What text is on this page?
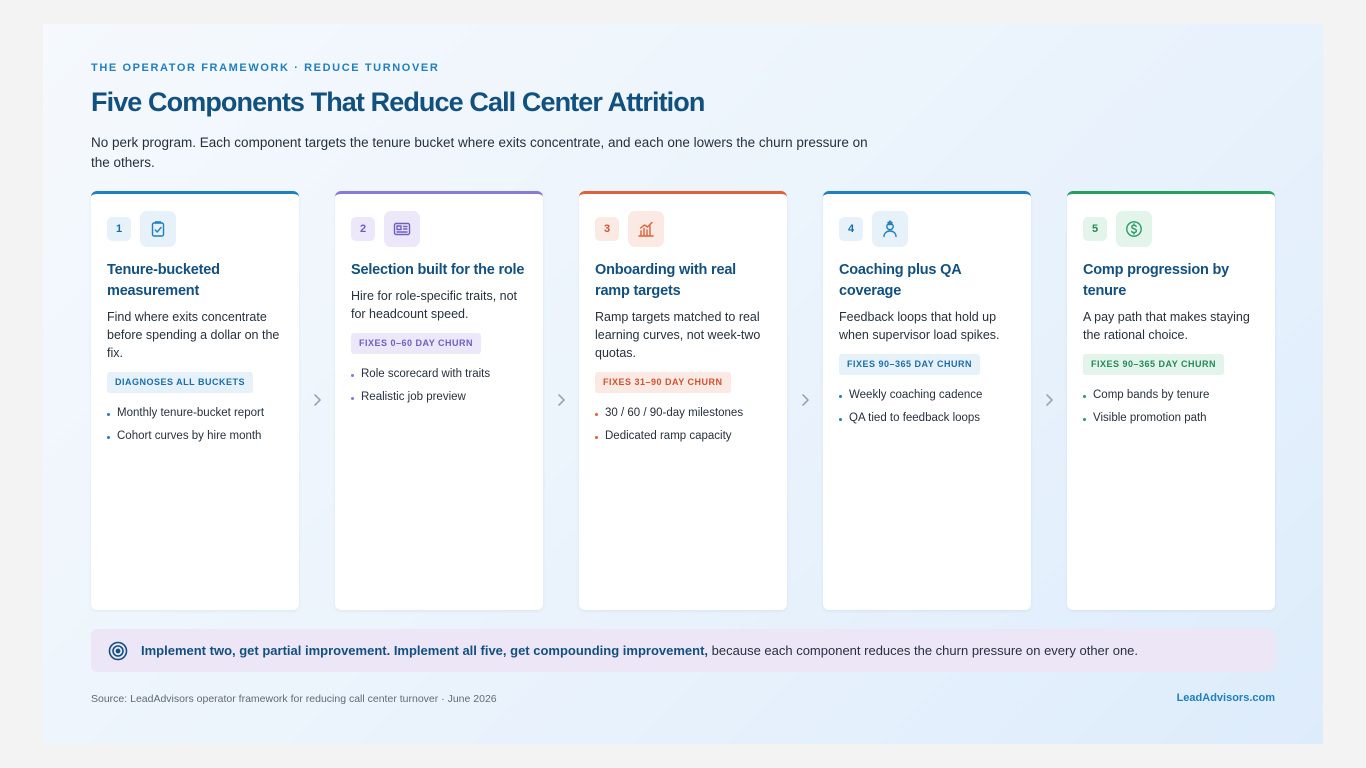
THE OPERATOR FRAMEWORK · REDUCE TURNOVER
Five Components That Reduce Call Center Attrition
No perk program. Each component targets the tenure bucket where exits concentrate, and each one lowers the churn pressure on the others.
1
Tenure-bucketed measurement
Find where exits concentrate before spending a dollar on the fix.
DIAGNOSES ALL BUCKETS
Monthly tenure-bucket report
Cohort curves by hire month
2
Selection built for the role
Hire for role-specific traits, not for headcount speed.
FIXES 0–60 DAY CHURN
Role scorecard with traits
Realistic job preview
3
Onboarding with real ramp targets
Ramp targets matched to real learning curves, not week-two quotas.
FIXES 31–90 DAY CHURN
30 / 60 / 90-day milestones
Dedicated ramp capacity
4
Coaching plus QA coverage
Feedback loops that hold up when supervisor load spikes.
FIXES 90–365 DAY CHURN
Weekly coaching cadence
QA tied to feedback loops
5
Comp progression by tenure
A pay path that makes staying the rational choice.
FIXES 90–365 DAY CHURN
Comp bands by tenure
Visible promotion path
Implement two, get partial improvement. Implement all five, get compounding improvement, because each component reduces the churn pressure on every other one.
Source: LeadAdvisors operator framework for reducing call center turnover · June 2026	LeadAdvisors.com
